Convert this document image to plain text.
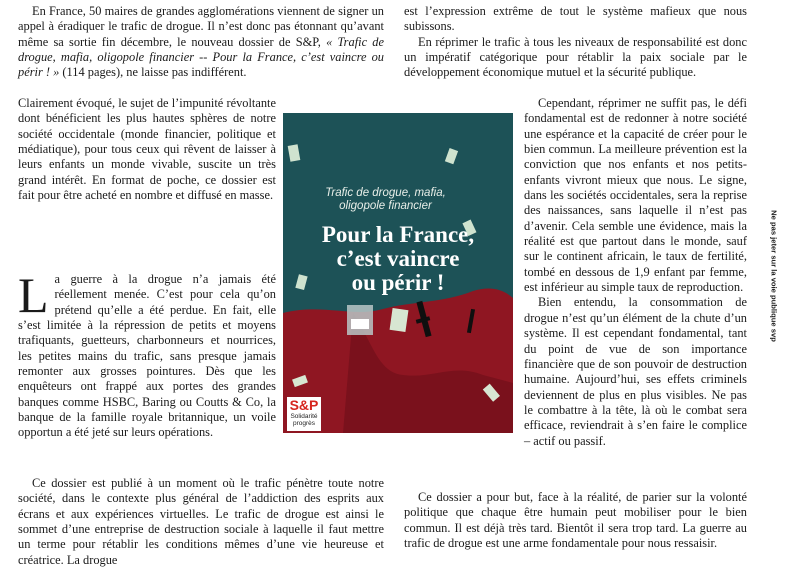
En France, 50 maires de grandes agglomérations viennent de signer un appel à éradiquer le trafic de drogue. Il n’est donc pas étonnant qu’avant même sa sortie fin décembre, le nouveau dossier de S&P, « Trafic de drogue, mafia, oligopole financier -- Pour la France, c’est vaincre ou périr ! » (114 pages), ne laisse pas indifférent.

Clairement évoqué, le sujet de l’impunité révoltante dont bénéficient les plus hautes sphères de notre société occidentale (monde financier, politique et médiatique), pour tous ceux qui rêvent de laisser à leurs enfants un monde vivable, suscite un très grand intérêt. En format de poche, ce dossier est fait pour être acheté en nombre et diffusé en masse.

L a guerre à la drogue n’a jamais été réellement menée. C’est pour cela qu’on prétend qu’elle a été perdue. En fait, elle s’est limitée à la répression de petits et moyens trafiquants, guetteurs, charbonneurs et nourrices, les petites mains du trafic, sans presque jamais remonter aux grosses pointures. Dès que les enquêteurs ont frappé aux portes des grandes banques comme HSBC, Baring ou Coutts & Co, la banque de la famille royale britannique, un voile opportun a été jeté sur leurs opérations.

Ce dossier est publié à un moment où le trafic pénètre toute notre société, dans le contexte plus général de l’addiction des esprits aux écrans et aux expériences virtuelles. Le trafic de drogue est ainsi le sommet d’une entreprise de destruction sociale à laquelle il faut mettre un terme pour rétablir les conditions mêmes d’une vie heureuse et créatrice. La drogue

est l’expression extrême de tout le système mafieux que nous subissons.

En réprimer le trafic à tous les niveaux de responsabilité est donc un impératif catégorique pour rétablir la paix sociale par le développement économique mutuel et la sécurité publique.

Cependant, réprimer ne suffit pas, le défi fondamental est de redonner à notre société une espérance et la capacité de créer pour le bien commun. La meilleure prévention est la conviction que nos enfants et nos petits-enfants vivront mieux que nous. Le signe, dans les sociétés occidentales, sera la reprise des naissances, sans laquelle il n’est pas d’avenir. Cela semble une évidence, mais la réalité est que partout dans le monde, sauf sur le continent africain, le taux de fertilité, tombé en dessous de 1,9 enfant par femme, est inférieur au simple taux de reproduction.

Bien entendu, la consommation de drogue n’est qu’un élément de la chute d’un système. Il est cependant fondamental, tant du point de vue de son importance financière que de son pouvoir de destruction humaine. Aujourd’hui, ses effets criminels deviennent de plus en plus visibles. Ne pas le combattre à la tête, là où le combat sera efficace, reviendrait à s’en faire le complice – actif ou passif.

Ce dossier a pour but, face à la réalité, de parier sur la volonté politique que chaque être humain peut mobiliser pour le bien commun. Il est déjà très tard. Bientôt il sera trop tard. La guerre au trafic de drogue est une arme fondamentale pour nous ressaisir.

Trafic de drogue, mafia,
oligopole financier
Pour la France,
c’est vaincre
ou périr !
S&P
Solidarité
progrès
Ne pas jeter sur la voie publique svp
